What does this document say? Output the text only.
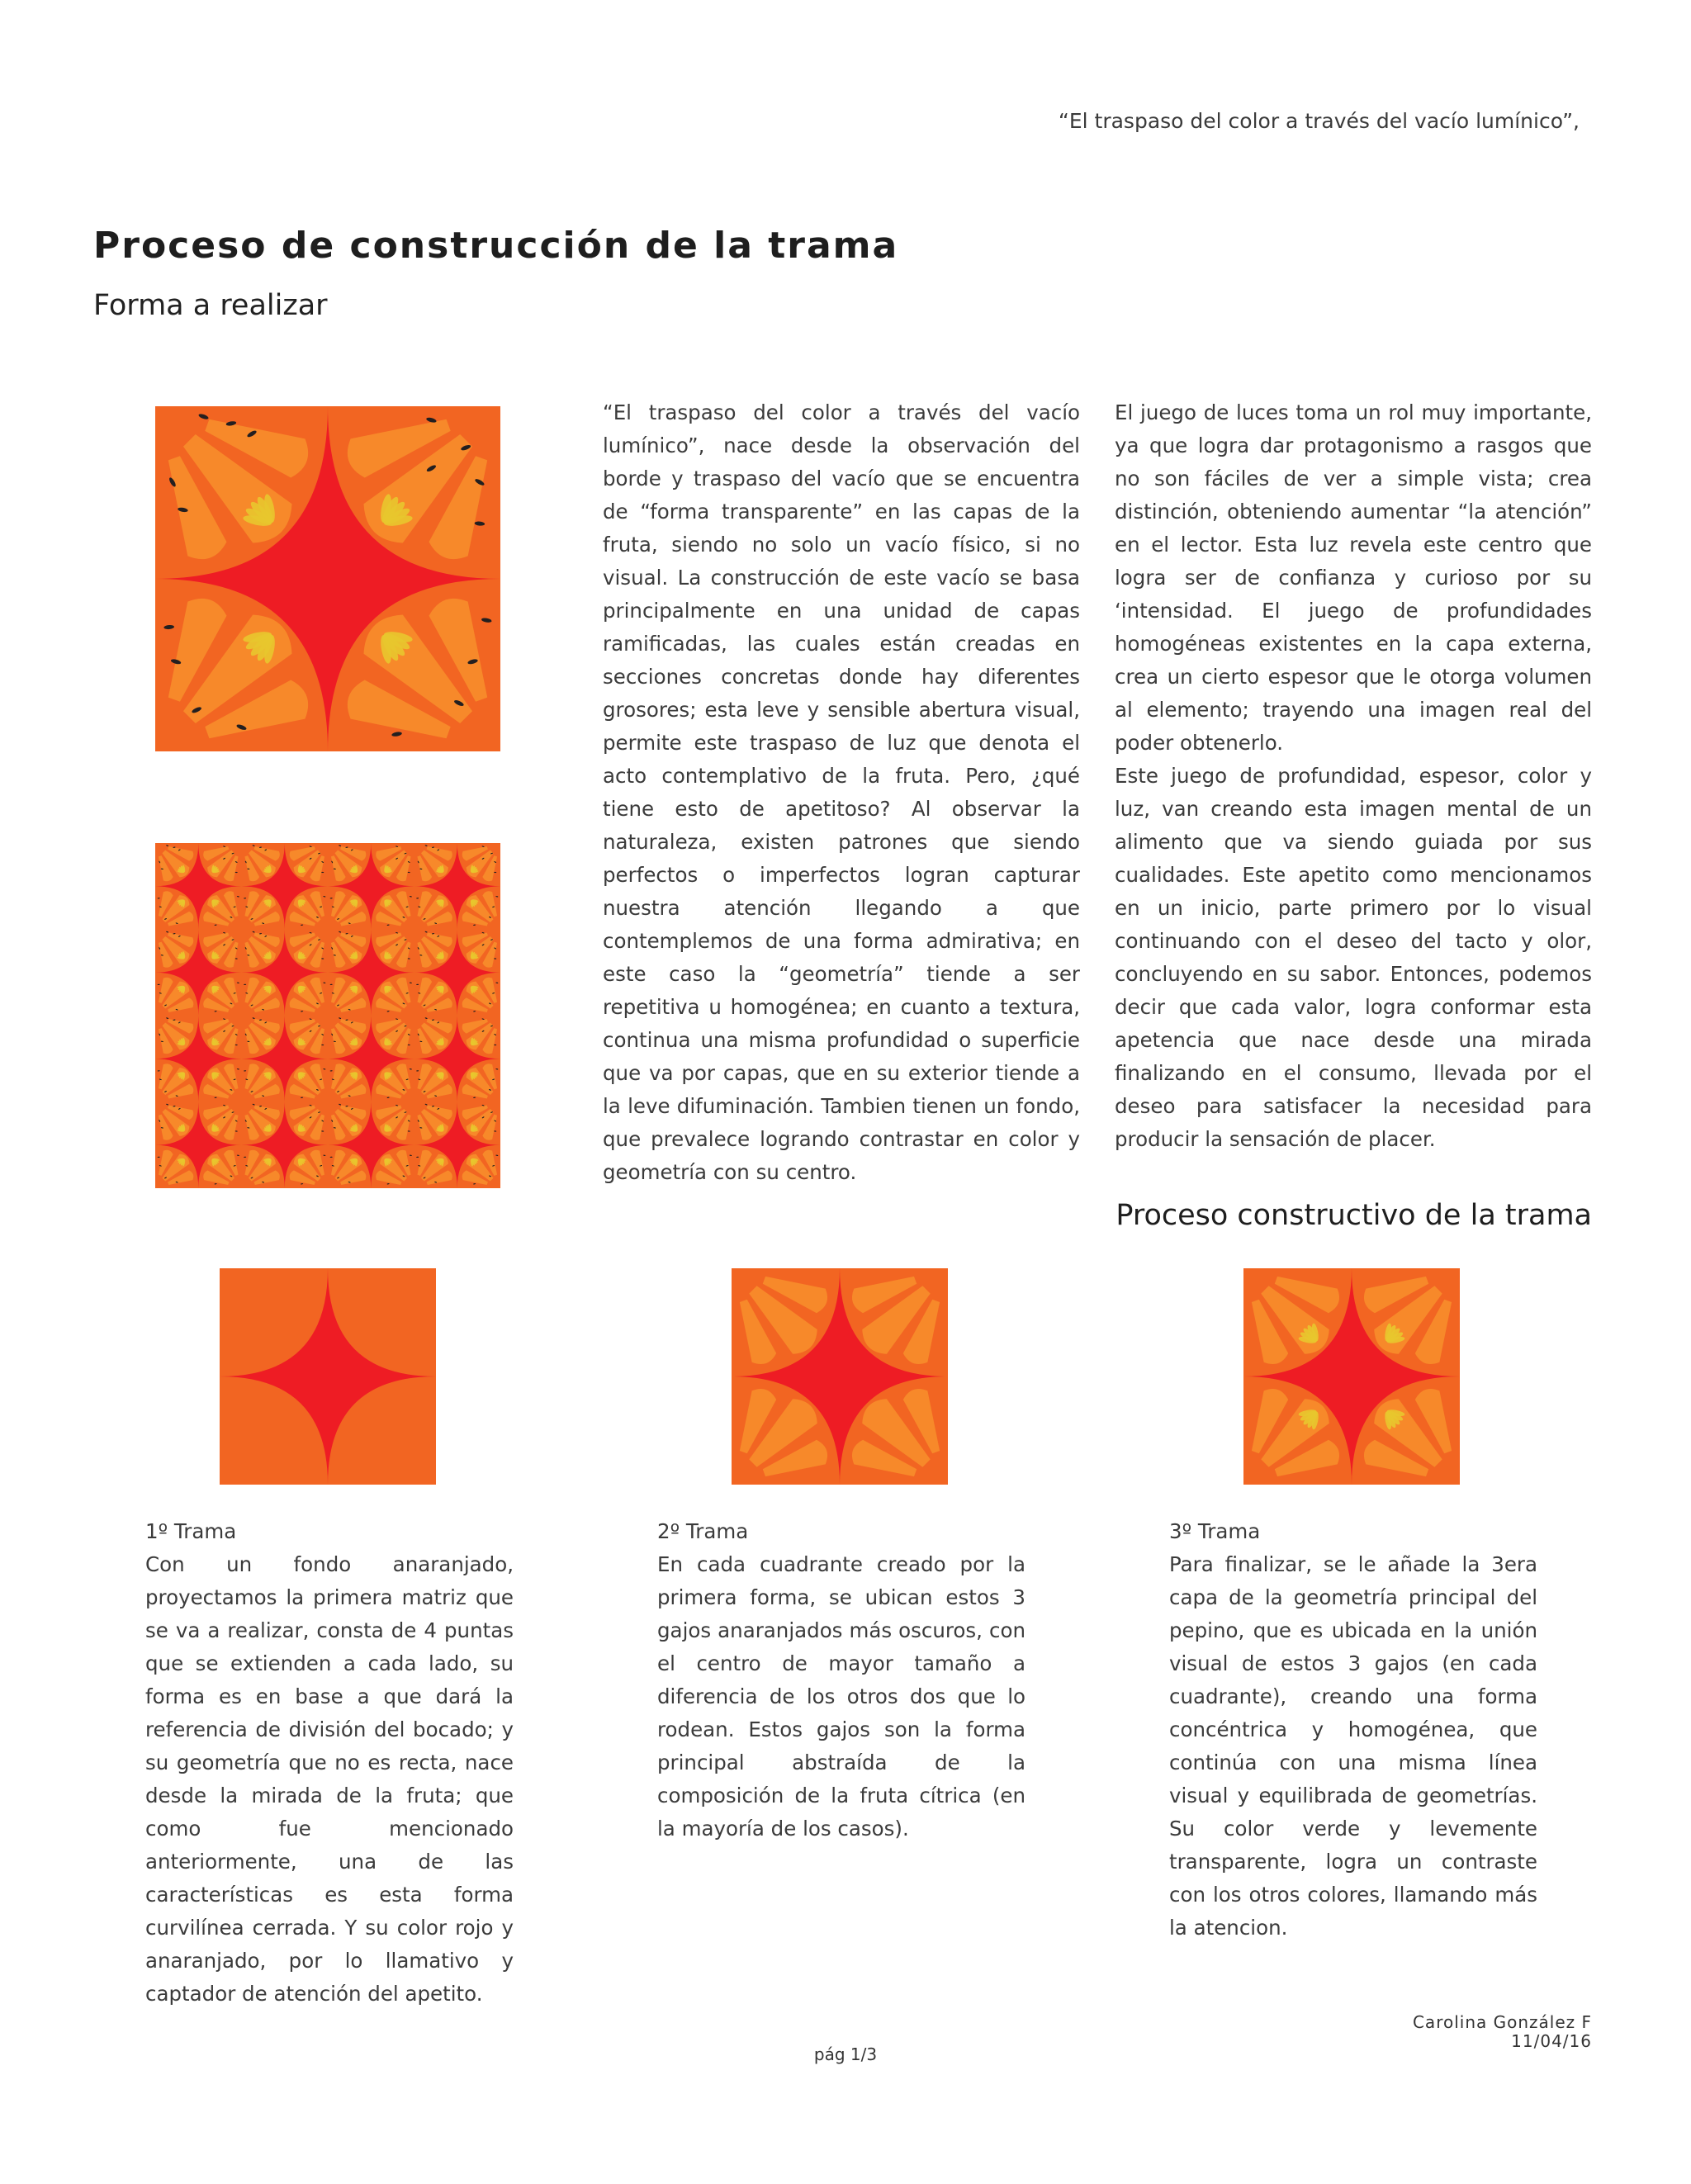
“El traspaso del color a través del vacío lumínico”,
Proceso de construcción de la trama
Forma a realizar

“El traspaso del color a través del vacío lumínico”, nace desde la observación del borde y traspaso del vacío que se encuentra de “forma transparente” en las capas de la fruta, siendo no solo un vacío físico, si no visual. La construcción de este vacío se basa principalmente en una unidad de capas ramificadas, las cuales están creadas en secciones concretas donde hay diferentes grosores; esta leve y sensible abertura visual, permite este traspaso de luz que denota el acto contemplativo de la fruta. Pero, ¿qué tiene esto de apetitoso? Al observar la naturaleza, existen patrones que siendo perfectos o imperfectos logran capturar nuestra atención llegando a que contemplemos de una forma admirativa; en este caso la “geometría” tiende a ser repetitiva u homogénea; en cuanto a textura, continua una misma profundidad o superficie que va por capas, que en su exterior tiende a la leve difuminación. Tambien tienen un fondo, que prevalece logrando contrastar en color y geometría con su centro.

El juego de luces toma un rol muy importante, ya que logra dar protagonismo a rasgos que no son fáciles de ver a simple vista; crea distinción, obteniendo aumentar “la atención” en el lector. Esta luz revela este centro que logra ser de confianza y curioso por su ‘intensidad. El juego de profundidades homogéneas existentes en la capa externa, crea un cierto espesor que le otorga volumen al elemento; trayendo una imagen real del poder obtenerlo.

Este juego de profundidad, espesor, color y luz, van creando esta imagen mental de un alimento que va siendo guiada por sus cualidades. Este apetito como mencionamos en un inicio, parte primero por lo visual continuando con el deseo del tacto y olor, concluyendo en su sabor. Entonces, podemos decir que cada valor, logra conformar esta apetencia que nace desde una mirada finalizando en el consumo, llevada por el deseo para satisfacer la necesidad para producir la sensación de placer.

Proceso constructivo de la trama
1º Trama
Con un fondo anaranjado, proyectamos la primera matriz que se va a realizar, consta de 4 puntas que se extienden a cada lado, su forma es en base a que dará la referencia de división del bocado; y su geometría que no es recta, nace desde la mirada de la fruta; que como fue mencionado anteriormente, una de las características es esta forma curvilínea cerrada. Y su color rojo y anaranjado, por lo llamativo y captador de atención del apetito.
2º Trama
En cada cuadrante creado por la primera forma, se ubican estos 3 gajos anaranjados más oscuros, con el centro de mayor tamaño a diferencia de los otros dos que lo rodean. Estos gajos son la forma principal abstraída de la composición de la fruta cítrica (en la mayoría de los casos).
3º Trama
Para finalizar, se le añade la 3era capa de la geometría principal del pepino, que es ubicada en la unión visual de estos 3 gajos (en cada cuadrante), creando una forma concéntrica y homogénea, que continúa con una misma línea visual y equilibrada de geometrías. Su color verde y levemente transparente, logra un contraste con los otros colores, llamando más la atencion.
Carolina González F
11/04/16
pág 1/3
